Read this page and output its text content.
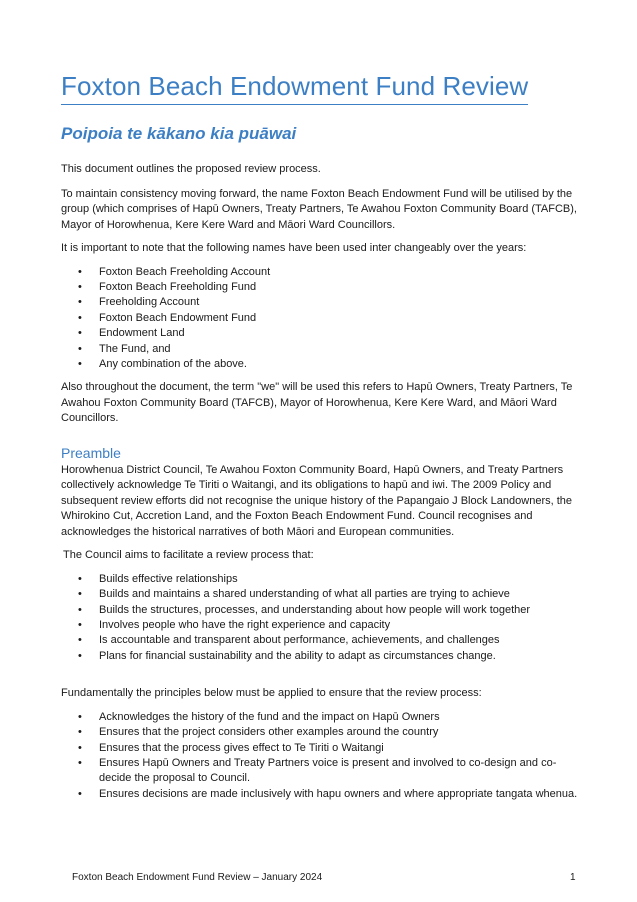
Foxton Beach Endowment Fund Review
Poipoia te kākano kia puāwai

This document outlines the proposed review process.

To maintain consistency moving forward, the name Foxton Beach Endowment Fund will be utilised by the group (which comprises of Hapū Owners, Treaty Partners, Te Awahou Foxton Community Board (TAFCB), Mayor of Horowhenua, Kere Kere Ward and Māori Ward Councillors.

It is important to note that the following names have been used inter changeably over the years:

• Foxton Beach Freeholding Account
• Foxton Beach Freeholding Fund
• Freeholding Account
• Foxton Beach Endowment Fund
• Endowment Land
• The Fund, and
• Any combination of the above.

Also throughout the document, the term "we" will be used this refers to Hapū Owners, Treaty Partners, Te Awahou Foxton Community Board (TAFCB), Mayor of Horowhenua, Kere Kere Ward, and Māori Ward Councillors.

Preamble

Horowhenua District Council, Te Awahou Foxton Community Board, Hapū Owners, and Treaty Partners collectively acknowledge Te Tiriti o Waitangi, and its obligations to hapū and iwi. The 2009 Policy and subsequent review efforts did not recognise the unique history of the Papangaio J Block Landowners, the Whirokino Cut, Accretion Land, and the Foxton Beach Endowment Fund. Council recognises and acknowledges the historical narratives of both Māori and European communities.

The Council aims to facilitate a review process that:

• Builds effective relationships
• Builds and maintains a shared understanding of what all parties are trying to achieve
• Builds the structures, processes, and understanding about how people will work together
• Involves people who have the right experience and capacity
• Is accountable and transparent about performance, achievements, and challenges
• Plans for financial sustainability and the ability to adapt as circumstances change.

Fundamentally the principles below must be applied to ensure that the review process:

• Acknowledges the history of the fund and the impact on Hapū Owners
• Ensures that the project considers other examples around the country
• Ensures that the process gives effect to Te Tiriti o Waitangi
• Ensures Hapū Owners and Treaty Partners voice is present and involved to co-design and co-decide the proposal to Council.
• Ensures decisions are made inclusively with hapu owners and where appropriate tangata whenua.
Foxton Beach Endowment Fund Review – January 2024	1
